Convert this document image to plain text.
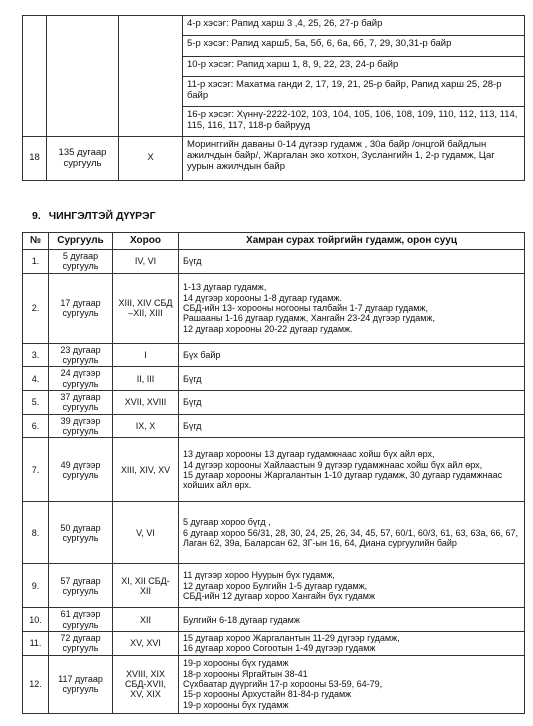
			4-р хэсэг: Рапид харш 3 ,4, 25, 26, 27-р байр
			5-р хэсэг: Рапид харш5, 5а, 5б, 6, 6а, 6б, 7, 29, 30,31-р байр
			10-р хэсэг: Рапид харш 1, 8, 9, 22, 23, 24-р байр
			11-р хэсэг: Махатма ганди 2, 17, 19, 21, 25-р байр, Рапид харш 25, 28-р байр
			16-р хэсэг: Хүннү-2222-102, 103, 104, 105, 106, 108, 109, 110, 112, 113, 114, 115, 116, 117, 118-р байрууд
18	135 дугаар сургууль	X	Моринггийн даваны 0-14 дүгээр гудамж , 30а байр /онцгой байдлын ажилчдын байр/, Жаргалан эко хотхон, Зуслангийн 1, 2-р гудамж, Цаг уурын ажилчдын байр
9. ЧИНГЭЛТЭЙ ДҮҮРЭГ
№	Сургууль	Хороо	Хамран сурах тойргийн гудамж, орон сууц
1.	5 дугаар сургууль	IV, VI	Бүгд
2.	17 дугаар сургууль	XIII, XIV СБД –XII, XIII	1-13 дугаар гудамж,
14 дүгээр хорооны 1-8 дугаар гудамж.
СБД-ийн 13- хорооны ногооны талбайн 1-7 дугаар гудамж,
Рашааны 1-16 дугаар гудамж, Хангайн 23-24 дүгээр гудамж,
12 дугаар хорооны 20-22 дугаар гудамж.
3.	23 дугаар сургууль	I	Бүх байр
4.	24 дүгээр сургууль	II, III	Бүгд
5.	37 дугаар сургууль	XVII, XVIII	Бүгд
6.	39 дүгээр сургууль	IX, X	Бүгд
7.	49 дүгээр сургууль	XIII, XIV, XV	13 дугаар хорооны 13 дугаар гудамжнаас хойш бүх айл өрх,
14 дүгээр хорооны Хайлаастын 9 дүгээр гудамжнаас хойш бүх айл өрх,
15 дугаар хорооны Жаргалантын 1-10 дугаар гудамж, 30 дугаар гудамжнаас хойших айл өрх.
8.	50 дугаар сургууль	V, VI	5 дугаар хороо бүгд ,
6 дугаар хороо 56/31, 28, 30, 24, 25, 26, 34, 45, 57, 60/1, 60/3, 61, 63, 63а, 66, 67, Лаган 62, 39а, Баларсан 62, 3Г-ын 16, 64, Диана сургуулийн байр
9.	57 дугаар сургууль	XI, XII СБД- XII	11 дүгээр хороо Нуурын бүх гудамж,
12 дугаар хороо Булгийн 1-5 дугаар гудамж,
СБД-ийн 12 дугаар хороо Хангайн бүх гудамж
10.	61 дүгээр сургууль	XII	Булгийн 6-18 дугаар гудамж
11.	72 дугаар сургууль	XV, XVI	15 дугаар хороо Жаргалантын 11-29 дүгээр гудамж,
16 дугаар хороо Согоотын 1-49 дүгээр гудамж
12.	117 дугаар сургууль	XVIII, XIX СБД-XVII, XV, XIX	19-р хорооны бүх гудамж
18-р хорооны Яргайтын 38-41
Сүхбаатар дүүргийн 17-р хорооны 53-59, 64-79,
15-р хорооны Архустайн 81-84-р гудамж
19-р хорооны бүх гудамж
